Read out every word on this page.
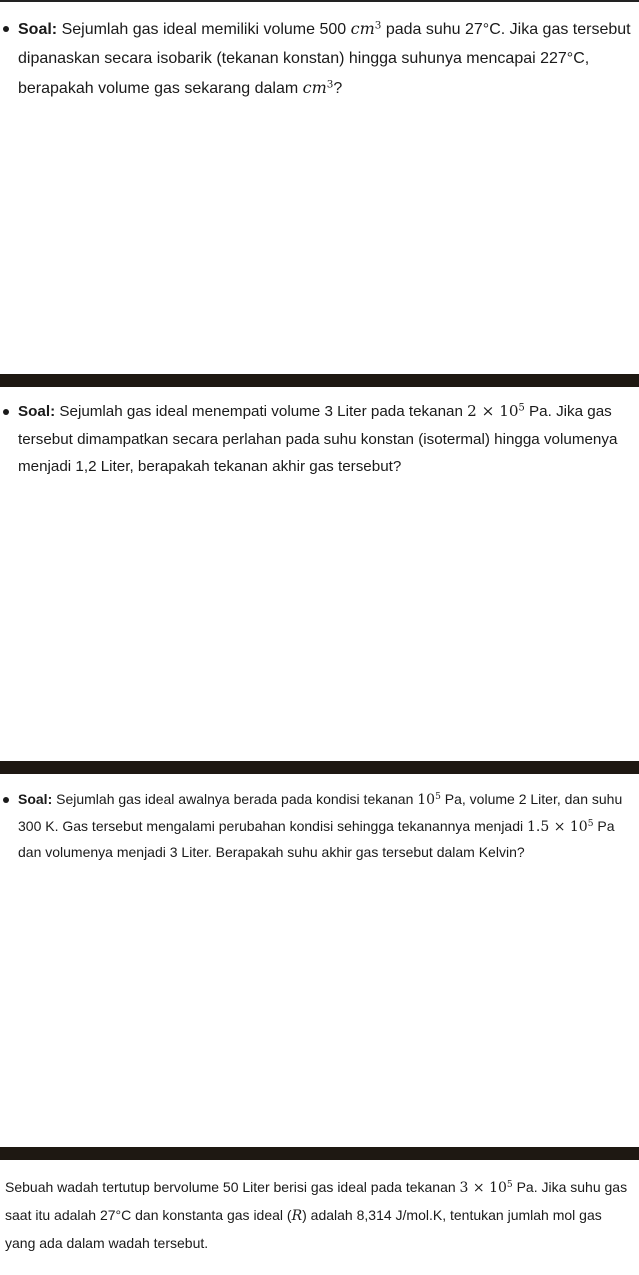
Soal: Sejumlah gas ideal memiliki volume 500 $cm^3$ pada suhu 27°C. Jika gas tersebut dipanaskan secara isobarik (tekanan konstan) hingga suhunya mencapai 227°C, berapakah volume gas sekarang dalam $cm^3$?

Soal: Sejumlah gas ideal menempati volume 3 Liter pada tekanan $2 \times 10^5$ Pa. Jika gas tersebut dimampatkan secara perlahan pada suhu konstan (isotermal) hingga volumenya menjadi 1,2 Liter, berapakah tekanan akhir gas tersebut?

Soal: Sejumlah gas ideal awalnya berada pada kondisi tekanan $10^5$ Pa, volume 2 Liter, dan suhu 300 K. Gas tersebut mengalami perubahan kondisi sehingga tekanannya menjadi $1.5 \times 10^5$ Pa dan volumenya menjadi 3 Liter. Berapakah suhu akhir gas tersebut dalam Kelvin?

Sebuah wadah tertutup bervolume 50 Liter berisi gas ideal pada tekanan $3 \times 10^5$ Pa. Jika suhu gas saat itu adalah 27°C dan konstanta gas ideal (R) adalah 8,314 J/mol.K, tentukan jumlah mol gas yang ada dalam wadah tersebut.
